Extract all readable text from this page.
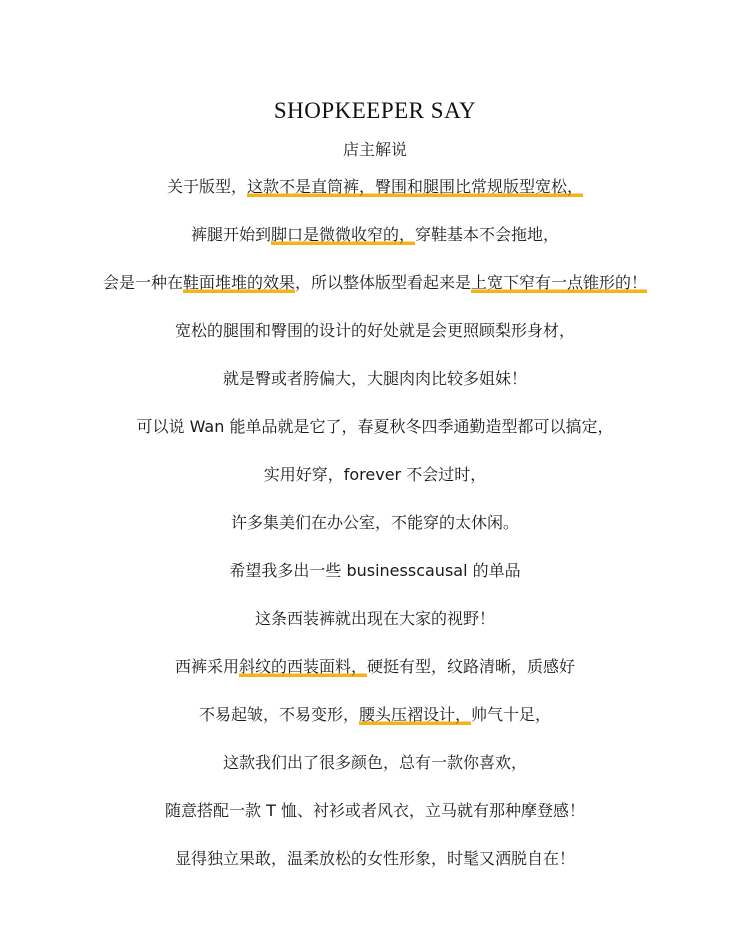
SHOPKEEPER SAY
店主解说
关于版型，这款不是直筒裤，臀围和腿围比常规版型宽松，
裤腿开始到脚口是微微收窄的，穿鞋基本不会拖地，
会是一种在鞋面堆堆的效果，所以整体版型看起来是上宽下窄有一点锥形的！
宽松的腿围和臀围的设计的好处就是会更照顾梨形身材，
就是臀或者胯偏大，大腿肉肉比较多姐妹！
可以说 Wan 能单品就是它了，春夏秋冬四季通勤造型都可以搞定，
实用好穿，forever 不会过时，
许多集美们在办公室，不能穿的太休闲。
希望我多出一些 businesscausal 的单品
这条西装裤就出现在大家的视野！
西裤采用斜纹的西装面料，硬挺有型，纹路清晰，质感好
不易起皱，不易变形，腰头压褶设计，帅气十足，
这款我们出了很多颜色，总有一款你喜欢，
随意搭配一款 T 恤、衬衫或者风衣，立马就有那种摩登感！
显得独立果敢，温柔放松的女性形象，时髦又洒脱自在！
